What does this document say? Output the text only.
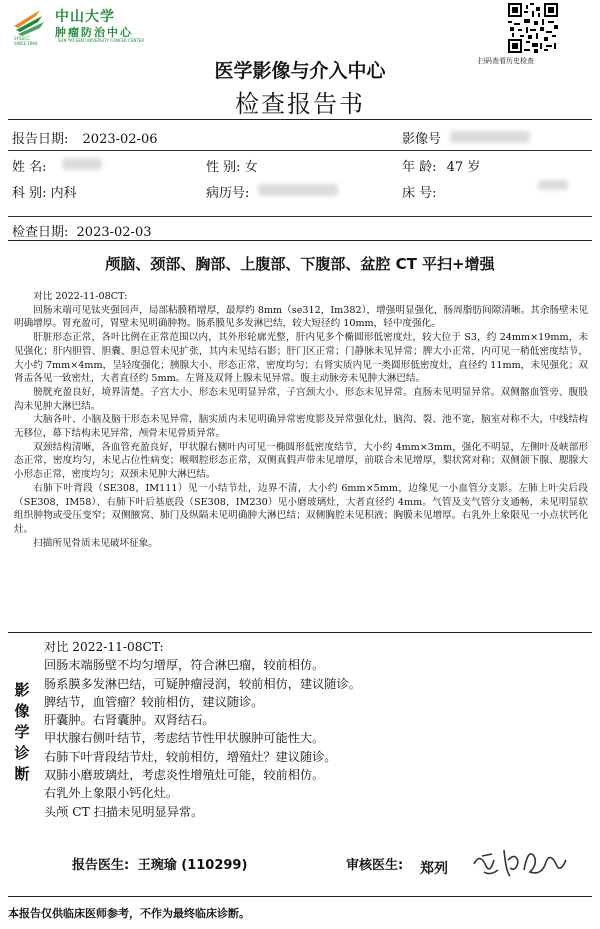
SYSUCC
SINCE 1964
中山大学
肿瘤防治中心
SUN YAT-SEN UNIVERSITY CANCER CENTER
扫码查看历史检查
医学影像与介入中心
检查报告书
报告日期: 2023-02-06	影像号
姓 名:	性 别: 女	年 龄: 47 岁
科 别: 内科	病历号:	床 号:
检查日期: 2023-02-03
颅脑、颈部、胸部、上腹部、下腹部、盆腔 CT 平扫+增强

对比 2022-11-08CT:

回肠末端可见钛夹强回声，局部粘膜稍增厚，最厚约 8mm（se312，Im382），增强明显强化，肠周脂肪间隙清晰。其余肠壁未见明确增厚。胃充盈可，胃壁未见明确肿物。肠系膜见多发淋巴结，较大短径约 10mm，轻中度强化。

肝脏形态正常，各叶比例在正常范围以内，其外形轮廓光整，肝内见多个椭圆形低密度灶，较大位于 S3，约 24mm×19mm，未见强化；肝内胆管、胆囊、胆总管未见扩张，其内未见结石影；肝门区正常；门静脉未见异常；脾大小正常，内可见一稍低密度结节，大小约 7mm×4mm，呈轻度强化；胰腺大小、形态正常，密度均匀；右肾实质内见一类圆形低密度灶，直径约 11mm，未见强化；双肾盂各见一致密灶，大者直径约 5mm。左肾及双肾上腺未见异常。腹主动脉旁未见肿大淋巴结。

膀胱充盈良好，境界清楚。子宫大小、形态未见明显异常，子宫颈大小、形态未见异常。直肠未见明显异常。双侧髂血管旁、腹股沟未见肿大淋巴结。

大脑各叶、小脑及脑干形态未见异常，脑实质内未见明确异常密度影及异常强化灶，脑沟、裂、池不宽，脑室对称不大，中线结构无移位，幕下结构未见异常，颅骨未见骨质异常。

双颈结构清晰，各血管充盈良好，甲状腺右侧叶内可见一椭圆形低密度结节，大小约 4mm×3mm，强化不明显，左侧叶及峡部形态正常，密度均匀，未见占位性病变；喉咽腔形态正常，双侧真假声带未见增厚，前联合未见增厚，梨状窝对称；双侧颌下腺、腮腺大小形态正常，密度均匀；双颈未见肿大淋巴结。

右肺下叶背段（SE308，IM111）见一小结节灶，边界不清，大小约 6mm×5mm，边缘见一小血管分支影。左肺上叶尖后段（SE308，IM58）、右肺下叶后基底段（SE308，IM230）见小磨玻璃灶，大者直径约 4mm。气管及支气管分支通畅，未见明显软组织肿物或受压变窄；双侧腋窝、肺门及纵隔未见明确肿大淋巴结；双侧胸腔未见积液；胸膜未见增厚。右乳外上象限见一小点状钙化灶。

扫描所见骨质未见破坏征象。

影
像
学
诊
断
对比 2022-11-08CT:
回肠末端肠壁不均匀增厚，符合淋巴瘤，较前相仿。
肠系膜多发淋巴结，可疑肿瘤浸润，较前相仿，建议随诊。
脾结节，血管瘤？较前相仿，建议随诊。
肝囊肿。右肾囊肿。双肾结石。
甲状腺右侧叶结节，考虑结节性甲状腺肿可能性大。
右肺下叶背段结节灶，较前相仿，增殖灶？建议随诊。
双肺小磨玻璃灶，考虑炎性增殖灶可能，较前相仿。
右乳外上象限小钙化灶。
头颅 CT 扫描未见明显异常。
报告医生: 王琬瑜 (110299)	审核医生: 郑列
本报告仅供临床医师参考，不作为最终临床诊断。
